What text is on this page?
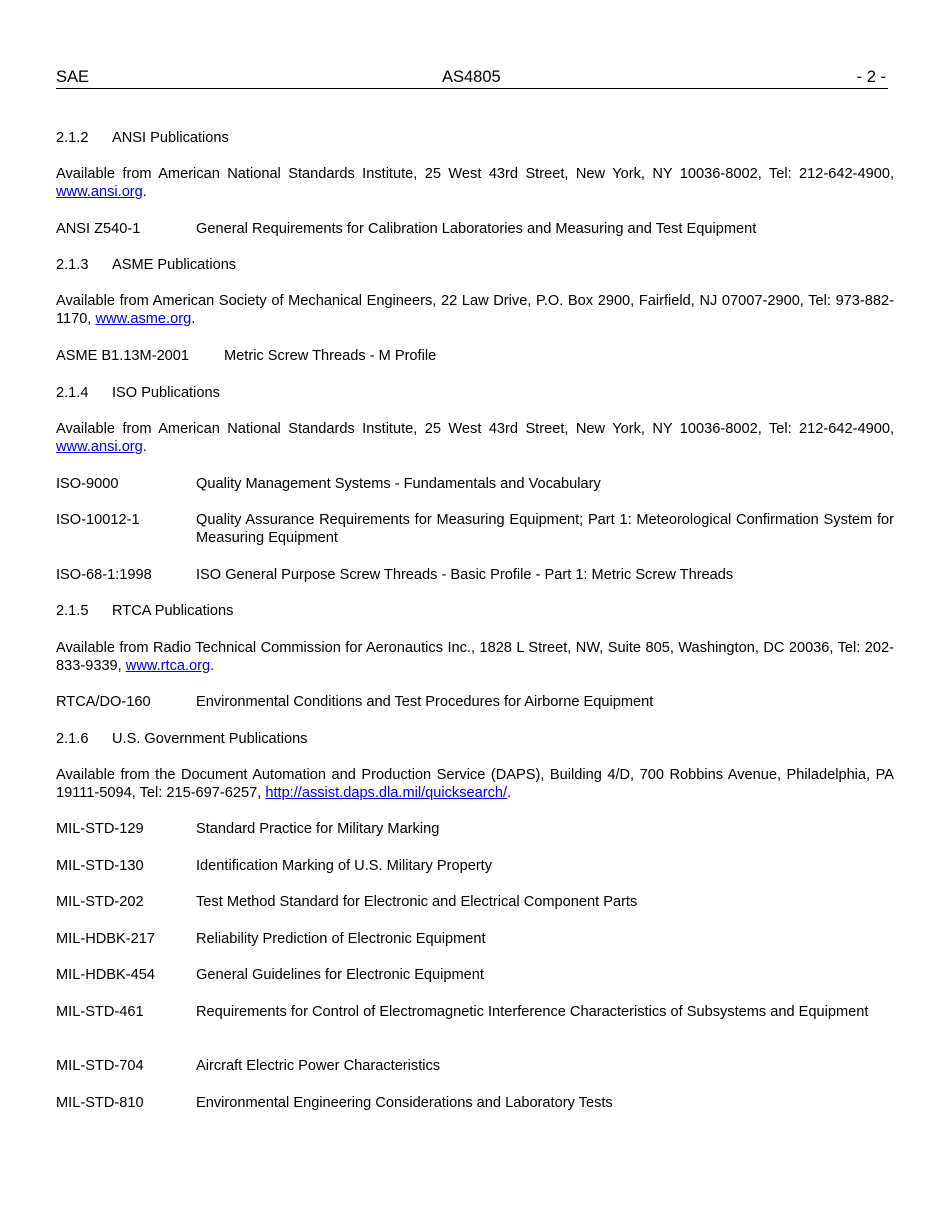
SAE	AS4805	- 2 -
2.1.2 ANSI Publications
Available from American National Standards Institute, 25 West 43rd Street, New York, NY 10036-8002, Tel: 212-642-4900, www.ansi.org.
ANSI Z540-1	General Requirements for Calibration Laboratories and Measuring and Test Equipment
2.1.3 ASME Publications
Available from American Society of Mechanical Engineers, 22 Law Drive, P.O. Box 2900, Fairfield, NJ 07007-2900, Tel: 973-882-1170, www.asme.org.
ASME B1.13M-2001	Metric Screw Threads - M Profile
2.1.4 ISO Publications
Available from American National Standards Institute, 25 West 43rd Street, New York, NY 10036-8002, Tel: 212-642-4900, www.ansi.org.
ISO-9000	Quality Management Systems - Fundamentals and Vocabulary
ISO-10012-1	Quality Assurance Requirements for Measuring Equipment; Part 1: Meteorological Confirmation System for Measuring Equipment
ISO-68-1:1998	ISO General Purpose Screw Threads - Basic Profile - Part 1: Metric Screw Threads
2.1.5 RTCA Publications
Available from Radio Technical Commission for Aeronautics Inc., 1828 L Street, NW, Suite 805, Washington, DC 20036, Tel: 202-833-9339, www.rtca.org.
RTCA/DO-160	Environmental Conditions and Test Procedures for Airborne Equipment
2.1.6 U.S. Government Publications
Available from the Document Automation and Production Service (DAPS), Building 4/D, 700 Robbins Avenue, Philadelphia, PA 19111-5094, Tel: 215-697-6257, http://assist.daps.dla.mil/quicksearch/.
MIL-STD-129	Standard Practice for Military Marking
MIL-STD-130	Identification Marking of U.S. Military Property
MIL-STD-202	Test Method Standard for Electronic and Electrical Component Parts
MIL-HDBK-217	Reliability Prediction of Electronic Equipment
MIL-HDBK-454	General Guidelines for Electronic Equipment
MIL-STD-461	Requirements for Control of Electromagnetic Interference Characteristics of Subsystems and Equipment
MIL-STD-704	Aircraft Electric Power Characteristics
MIL-STD-810	Environmental Engineering Considerations and Laboratory Tests
